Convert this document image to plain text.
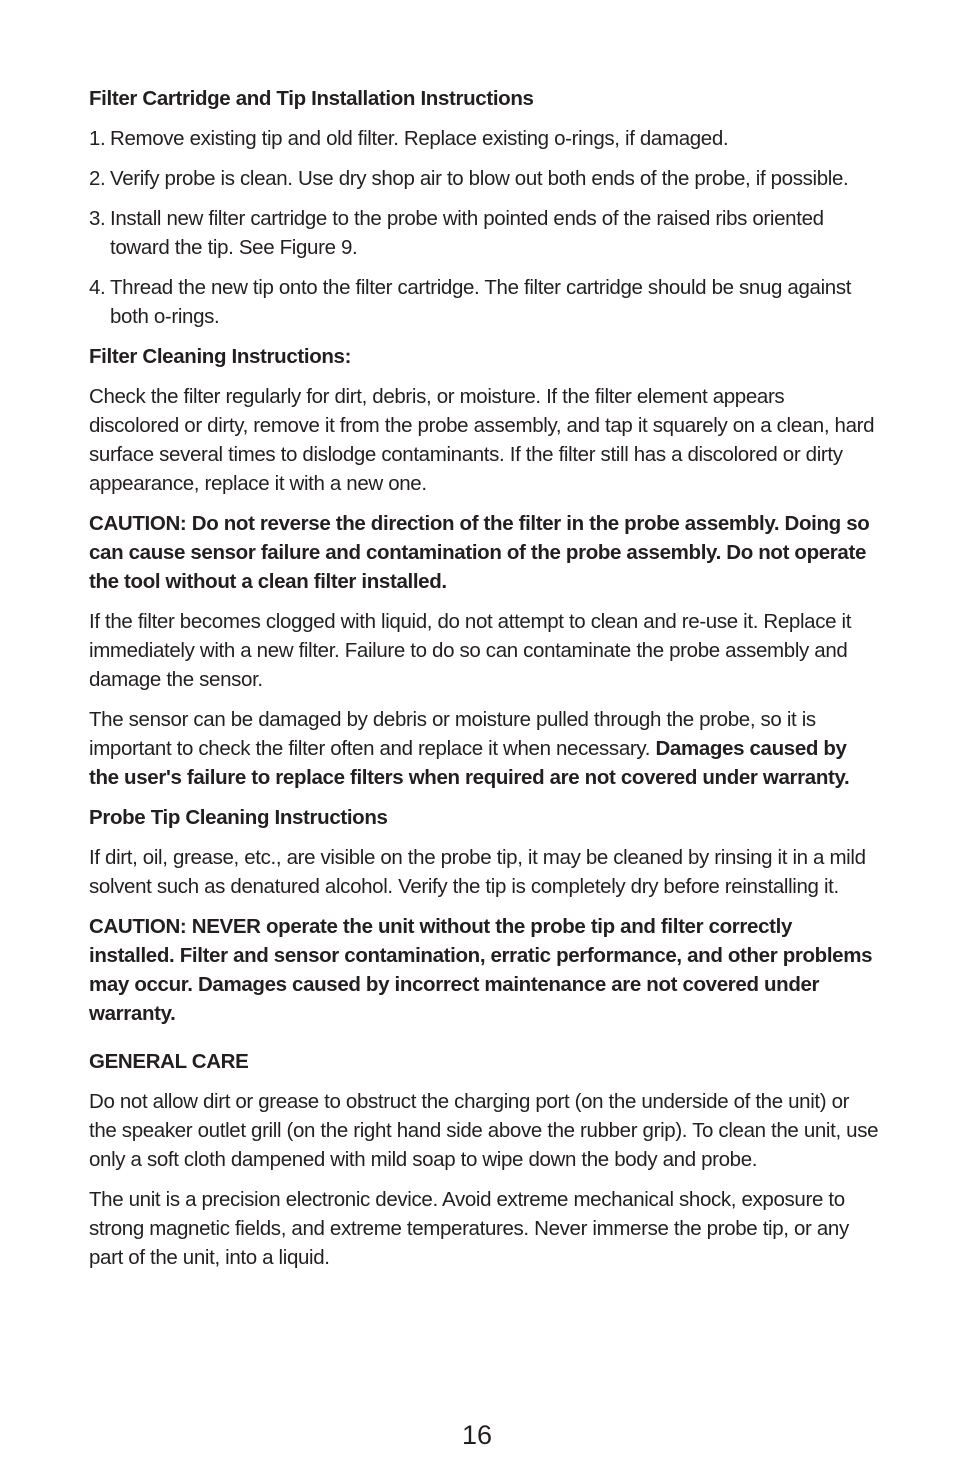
Filter Cartridge and Tip Installation Instructions

1. Remove existing tip and old filter. Replace existing o-rings, if damaged.
2. Verify probe is clean. Use dry shop air to blow out both ends of the probe, if possible.
3. Install new filter cartridge to the probe with pointed ends of the raised ribs oriented toward the tip. See Figure 9.
4. Thread the new tip onto the filter cartridge. The filter cartridge should be snug against both o-rings.

Filter Cleaning Instructions:

Check the filter regularly for dirt, debris, or moisture. If the filter element appears discolored or dirty, remove it from the probe assembly, and tap it squarely on a clean, hard surface several times to dislodge contaminants. If the filter still has a discolored or dirty appearance, replace it with a new one.

CAUTION: Do not reverse the direction of the filter in the probe assembly. Doing so can cause sensor failure and contamination of the probe assembly. Do not operate the tool without a clean filter installed.

If the filter becomes clogged with liquid, do not attempt to clean and re-use it. Replace it immediately with a new filter. Failure to do so can contaminate the probe assembly and damage the sensor.

The sensor can be damaged by debris or moisture pulled through the probe, so it is important to check the filter often and replace it when necessary. Damages caused by the user's failure to replace filters when required are not covered under warranty.

Probe Tip Cleaning Instructions

If dirt, oil, grease, etc., are visible on the probe tip, it may be cleaned by rinsing it in a mild solvent such as denatured alcohol. Verify the tip is completely dry before reinstalling it.

CAUTION: NEVER operate the unit without the probe tip and filter correctly installed. Filter and sensor contamination, erratic performance, and other problems may occur. Damages caused by incorrect maintenance are not covered under warranty.

GENERAL CARE

Do not allow dirt or grease to obstruct the charging port (on the underside of the unit) or the speaker outlet grill (on the right hand side above the rubber grip). To clean the unit, use only a soft cloth dampened with mild soap to wipe down the body and probe.

The unit is a precision electronic device. Avoid extreme mechanical shock, exposure to strong magnetic fields, and extreme temperatures. Never immerse the probe tip, or any part of the unit, into a liquid.

16
